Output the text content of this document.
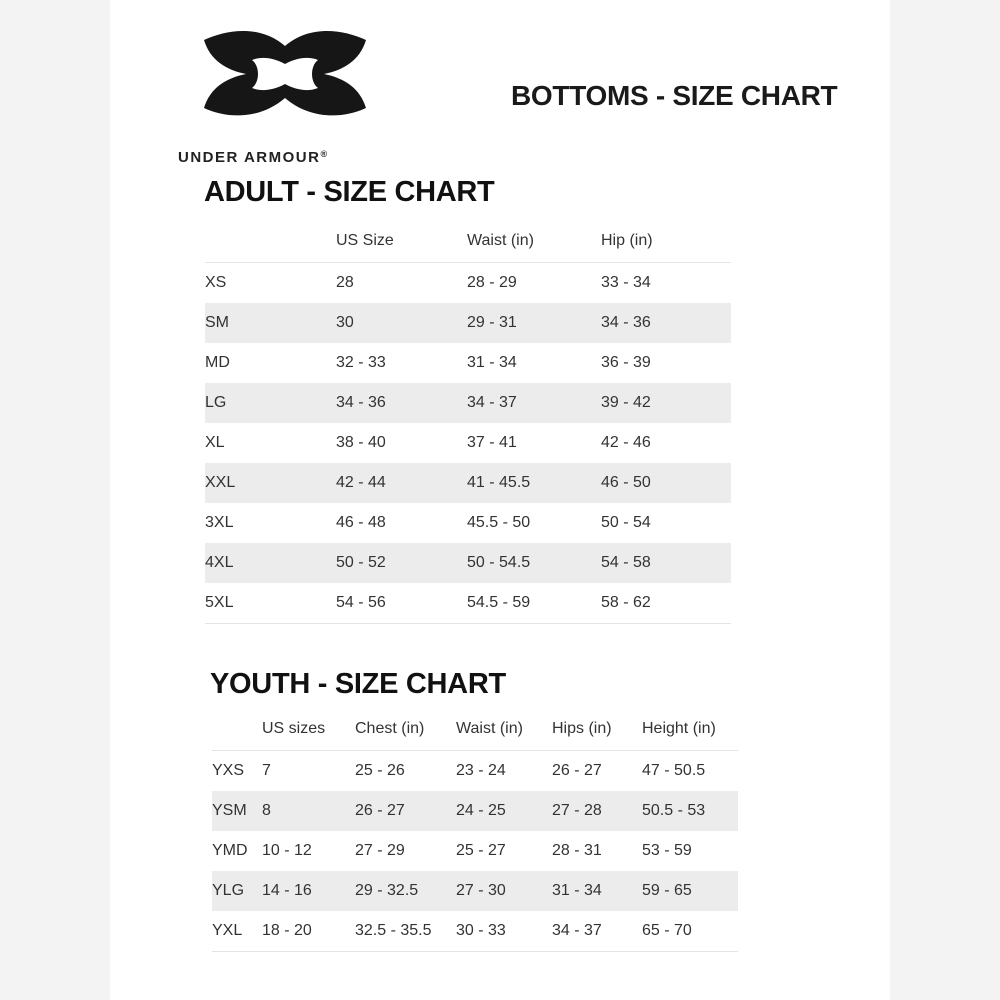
UNDER ARMOUR®
BOTTOMS - SIZE CHART
ADULT - SIZE CHART
	US Size	Waist (in)	Hip (in)
XS	28	28 - 29	33 - 34
SM	30	29 - 31	34 - 36
MD	32 - 33	31 - 34	36 - 39
LG	34 - 36	34 - 37	39 - 42
XL	38 - 40	37 - 41	42 - 46
XXL	42 - 44	41 - 45.5	46 - 50
3XL	46 - 48	45.5 - 50	50 - 54
4XL	50 - 52	50 - 54.5	54 - 58
5XL	54 - 56	54.5 - 59	58 - 62
YOUTH - SIZE CHART
	US sizes	Chest (in)	Waist (in)	Hips (in)	Height (in)
YXS	7	25 - 26	23 - 24	26 - 27	47 - 50.5
YSM	8	26 - 27	24 - 25	27 - 28	50.5 - 53
YMD	10 - 12	27 - 29	25 - 27	28 - 31	53 - 59
YLG	14 - 16	29 - 32.5	27 - 30	31 - 34	59 - 65
YXL	18 - 20	32.5 - 35.5	30 - 33	34 - 37	65 - 70
